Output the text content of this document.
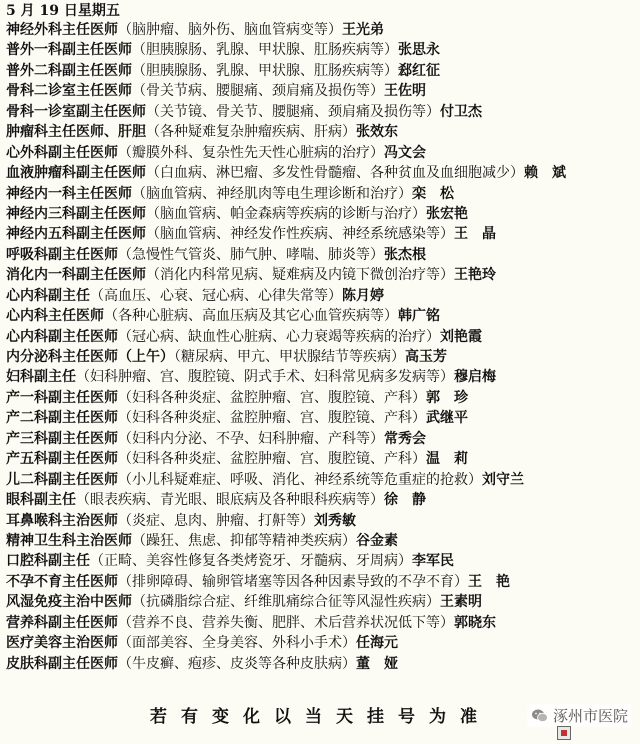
5 月 19 日星期五
神经外科主任医师（脑肿瘤、脑外伤、脑血管病变等）王光弟
普外一科副主任医师（胆胰腺肠、乳腺、甲状腺、肛肠疾病等）张思永
普外二科副主任医师（胆胰腺肠、乳腺、甲状腺、肛肠疾病等）郄红征
骨科二诊室主任医师（骨关节病、腰腿痛、颈肩痛及损伤等）王佐明
骨科一诊室副主任医师（关节镜、骨关节、腰腿痛、颈肩痛及损伤等）付卫杰
肿瘤科主任医师、肝胆（各种疑难复杂肿瘤疾病、肝病）张效东
心外科副主任医师（瓣膜外科、复杂性先天性心脏病的治疗）冯文会
血液肿瘤科副主任医师（白血病、淋巴瘤、多发性骨髓瘤、各种贫血及血细胞减少）赖　斌
神经内一科主任医师（脑血管病、神经肌肉等电生理诊断和治疗）栾　松
神经内三科副主任医师（脑血管病、帕金森病等疾病的诊断与治疗）张宏艳
神经内五科副主任医师（脑血管病、神经发作性疾病、神经系统感染等）王　晶
呼吸科副主任医师（急慢性气管炎、肺气肿、哮喘、肺炎等）张杰根
消化内一科副主任医师（消化内科常见病、疑难病及内镜下微创治疗等）王艳玲
心内科副主任（高血压、心衰、冠心病、心律失常等）陈月婷
心内科主任医师（各种心脏病、高血压病及其它心血管疾病等）韩广铭
心内科副主任医师（冠心病、缺血性心脏病、心力衰竭等疾病的治疗）刘艳霞
内分泌科主任医师（上午）（糖尿病、甲亢、甲状腺结节等疾病）高玉芳
妇科副主任（妇科肿瘤、宫、腹腔镜、阴式手术、妇科常见病多发病等）穆启梅
产一科副主任医师（妇科各种炎症、盆腔肿瘤、宫、腹腔镜、产科）郭　珍
产二科副主任医师（妇科各种炎症、盆腔肿瘤、宫、腹腔镜、产科）武继平
产三科副主任医师（妇科内分泌、不孕、妇科肿瘤、产科等）常秀会
产五科副主任医师（妇科各种炎症、盆腔肿瘤、宫、腹腔镜、产科）温　莉
儿二科副主任医师（小儿科疑难症、呼吸、消化、神经系统等危重症的抢救）刘守兰
眼科副主任（眼表疾病、青光眼、眼底病及各种眼科疾病等）徐　静
耳鼻喉科主治医师（炎症、息肉、肿瘤、打鼾等）刘秀敏
精神卫生科主治医师（躁狂、焦虑、抑郁等精神类疾病）谷金素
口腔科副主任（正畸、美容性修复各类烤瓷牙、牙髓病、牙周病）李军民
不孕不育主任医师（排卵障碍、输卵管堵塞等因各种因素导致的不孕不育）王　艳
风湿免疫主治中医师（抗磷脂综合症、纤维肌痛综合征等风湿性疾病）王素明
营养科副主任医师（营养不良、营养失衡、肥胖、术后营养状况低下等）郭晓东
医疗美容主治医师（面部美容、全身美容、外科小手术）任海元
皮肤科副主任医师（牛皮癣、疱疹、皮炎等各种皮肤病）董　娅
若有变化以当天挂号为准	涿州市医院
